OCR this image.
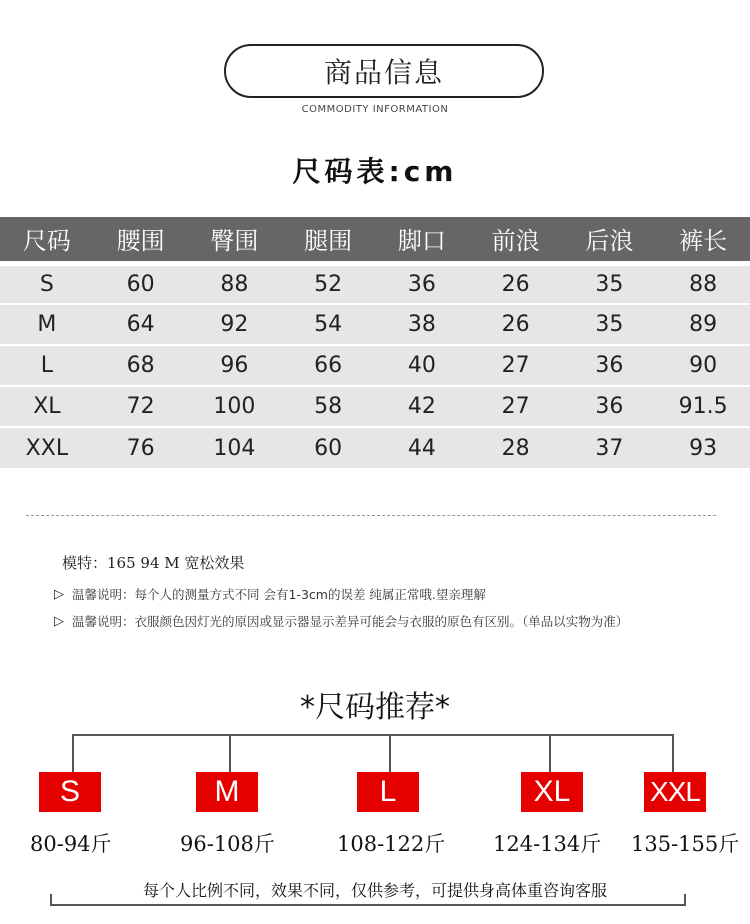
商品信息
COMMODITY INFORMATION
尺码表:cm
尺码	腰围	臀围	腿围	脚口	前浪	后浪	裤长
S	60	88	52	36	26	35	88
M	64	92	54	38	26	35	89
L	68	96	66	40	27	36	90
XL	72	100	58	42	27	36	91.5
XXL	76	104	60	44	28	37	93
模特：165 94 M 宽松效果
▷ 温馨说明：每个人的测量方式不同 会有1-3cm的误差 纯属正常哦.望亲理解
▷ 温馨说明：衣服颜色因灯光的原因或显示器显示差异可能会与衣服的原色有区别。（单品以实物为准）
*尺码推荐*
S	M	L	XL	XXL
80-94斤	96-108斤	108-122斤 124-134斤 135-155斤
每个人比例不同，效果不同，仅供参考，可提供身高体重咨询客服
